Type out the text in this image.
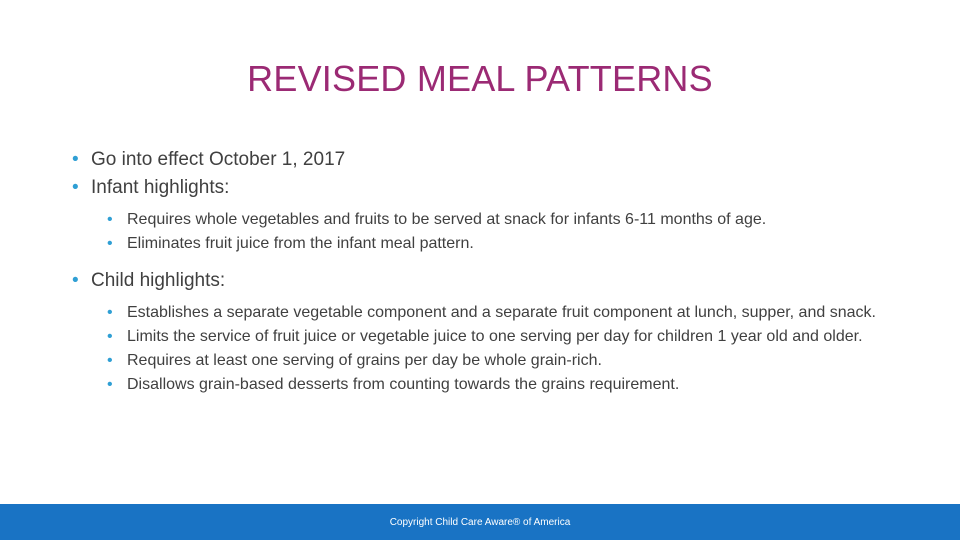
REVISED MEAL PATTERNS
• Go into effect October 1, 2017
• Infant highlights:
• Requires whole vegetables and fruits to be served at snack for infants 6-11 months of age.
• Eliminates fruit juice from the infant meal pattern.
• Child highlights:
• Establishes a separate vegetable component and a separate fruit component at lunch, supper, and snack.
• Limits the service of fruit juice or vegetable juice to one serving per day for children 1 year old and older.
• Requires at least one serving of grains per day be whole grain-rich.
• Disallows grain-based desserts from counting towards the grains requirement.
Copyright Child Care Aware® of America
